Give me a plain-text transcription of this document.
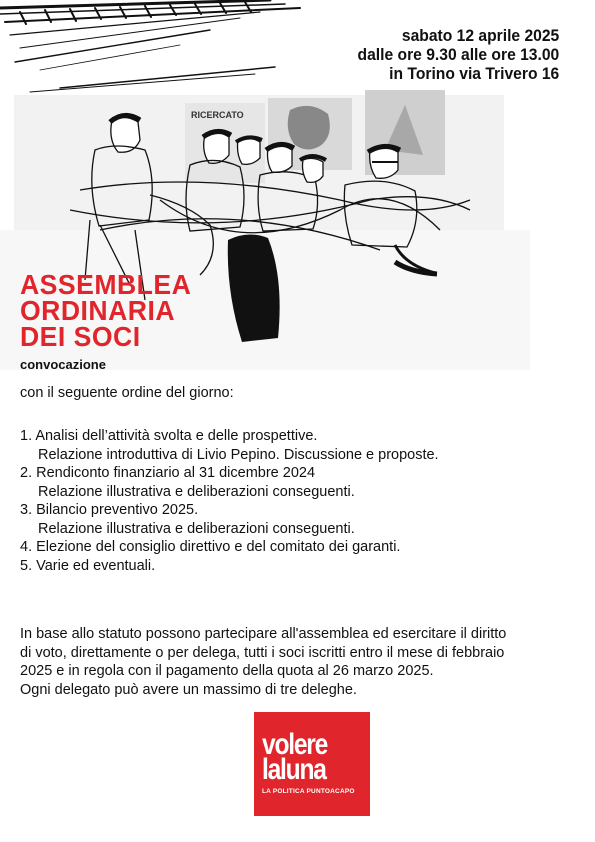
RICERCATO
sabato 12 aprile 2025
dalle ore 9.30 alle ore 13.00
in Torino via Trivero 16
ASSEMBLEA
ORDINARIA
DEI SOCI
convocazione
con il seguente ordine del giorno:
1. Analisi dell’attività svolta e delle prospettive.
Relazione introduttiva di Livio Pepino. Discussione e proposte.
2. Rendiconto finanziario al 31 dicembre 2024
Relazione illustrativa e deliberazioni conseguenti.
3. Bilancio preventivo 2025.
Relazione illustrativa e deliberazioni conseguenti.
4. Elezione del consiglio direttivo e del comitato dei garanti.
5. Varie ed eventuali.
In base allo statuto possono partecipare all'assemblea ed esercitare il diritto
di voto, direttamente o per delega, tutti i soci iscritti entro il mese di febbraio
2025 e in regola con il pagamento della quota al 26 marzo 2025.
Ogni delegato può avere un massimo di tre deleghe.
volere
laluna
LA POLITICA PUNTOACAPO
